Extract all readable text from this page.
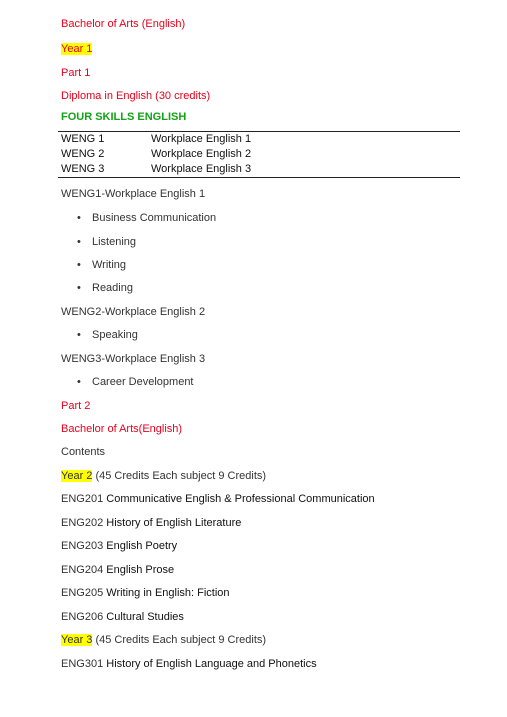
Bachelor of Arts (English)
Year 1
Part 1
Diploma in English (30 credits)
FOUR SKILLS ENGLISH
WENG 1	Workplace English 1
WENG 2	Workplace English 2
WENG 3	Workplace English 3
WENG1-Workplace English 1
• Business Communication
• Listening
• Writing
• Reading
WENG2-Workplace English 2
• Speaking
WENG3-Workplace English 3
• Career Development
Part 2
Bachelor of Arts(English)
Contents
Year 2 (45 Credits Each subject 9 Credits)
ENG201 Communicative English & Professional Communication
ENG202 History of English Literature
ENG203 English Poetry
ENG204 English Prose
ENG205 Writing in English: Fiction
ENG206 Cultural Studies
Year 3 (45 Credits Each subject 9 Credits)
ENG301 History of English Language and Phonetics
